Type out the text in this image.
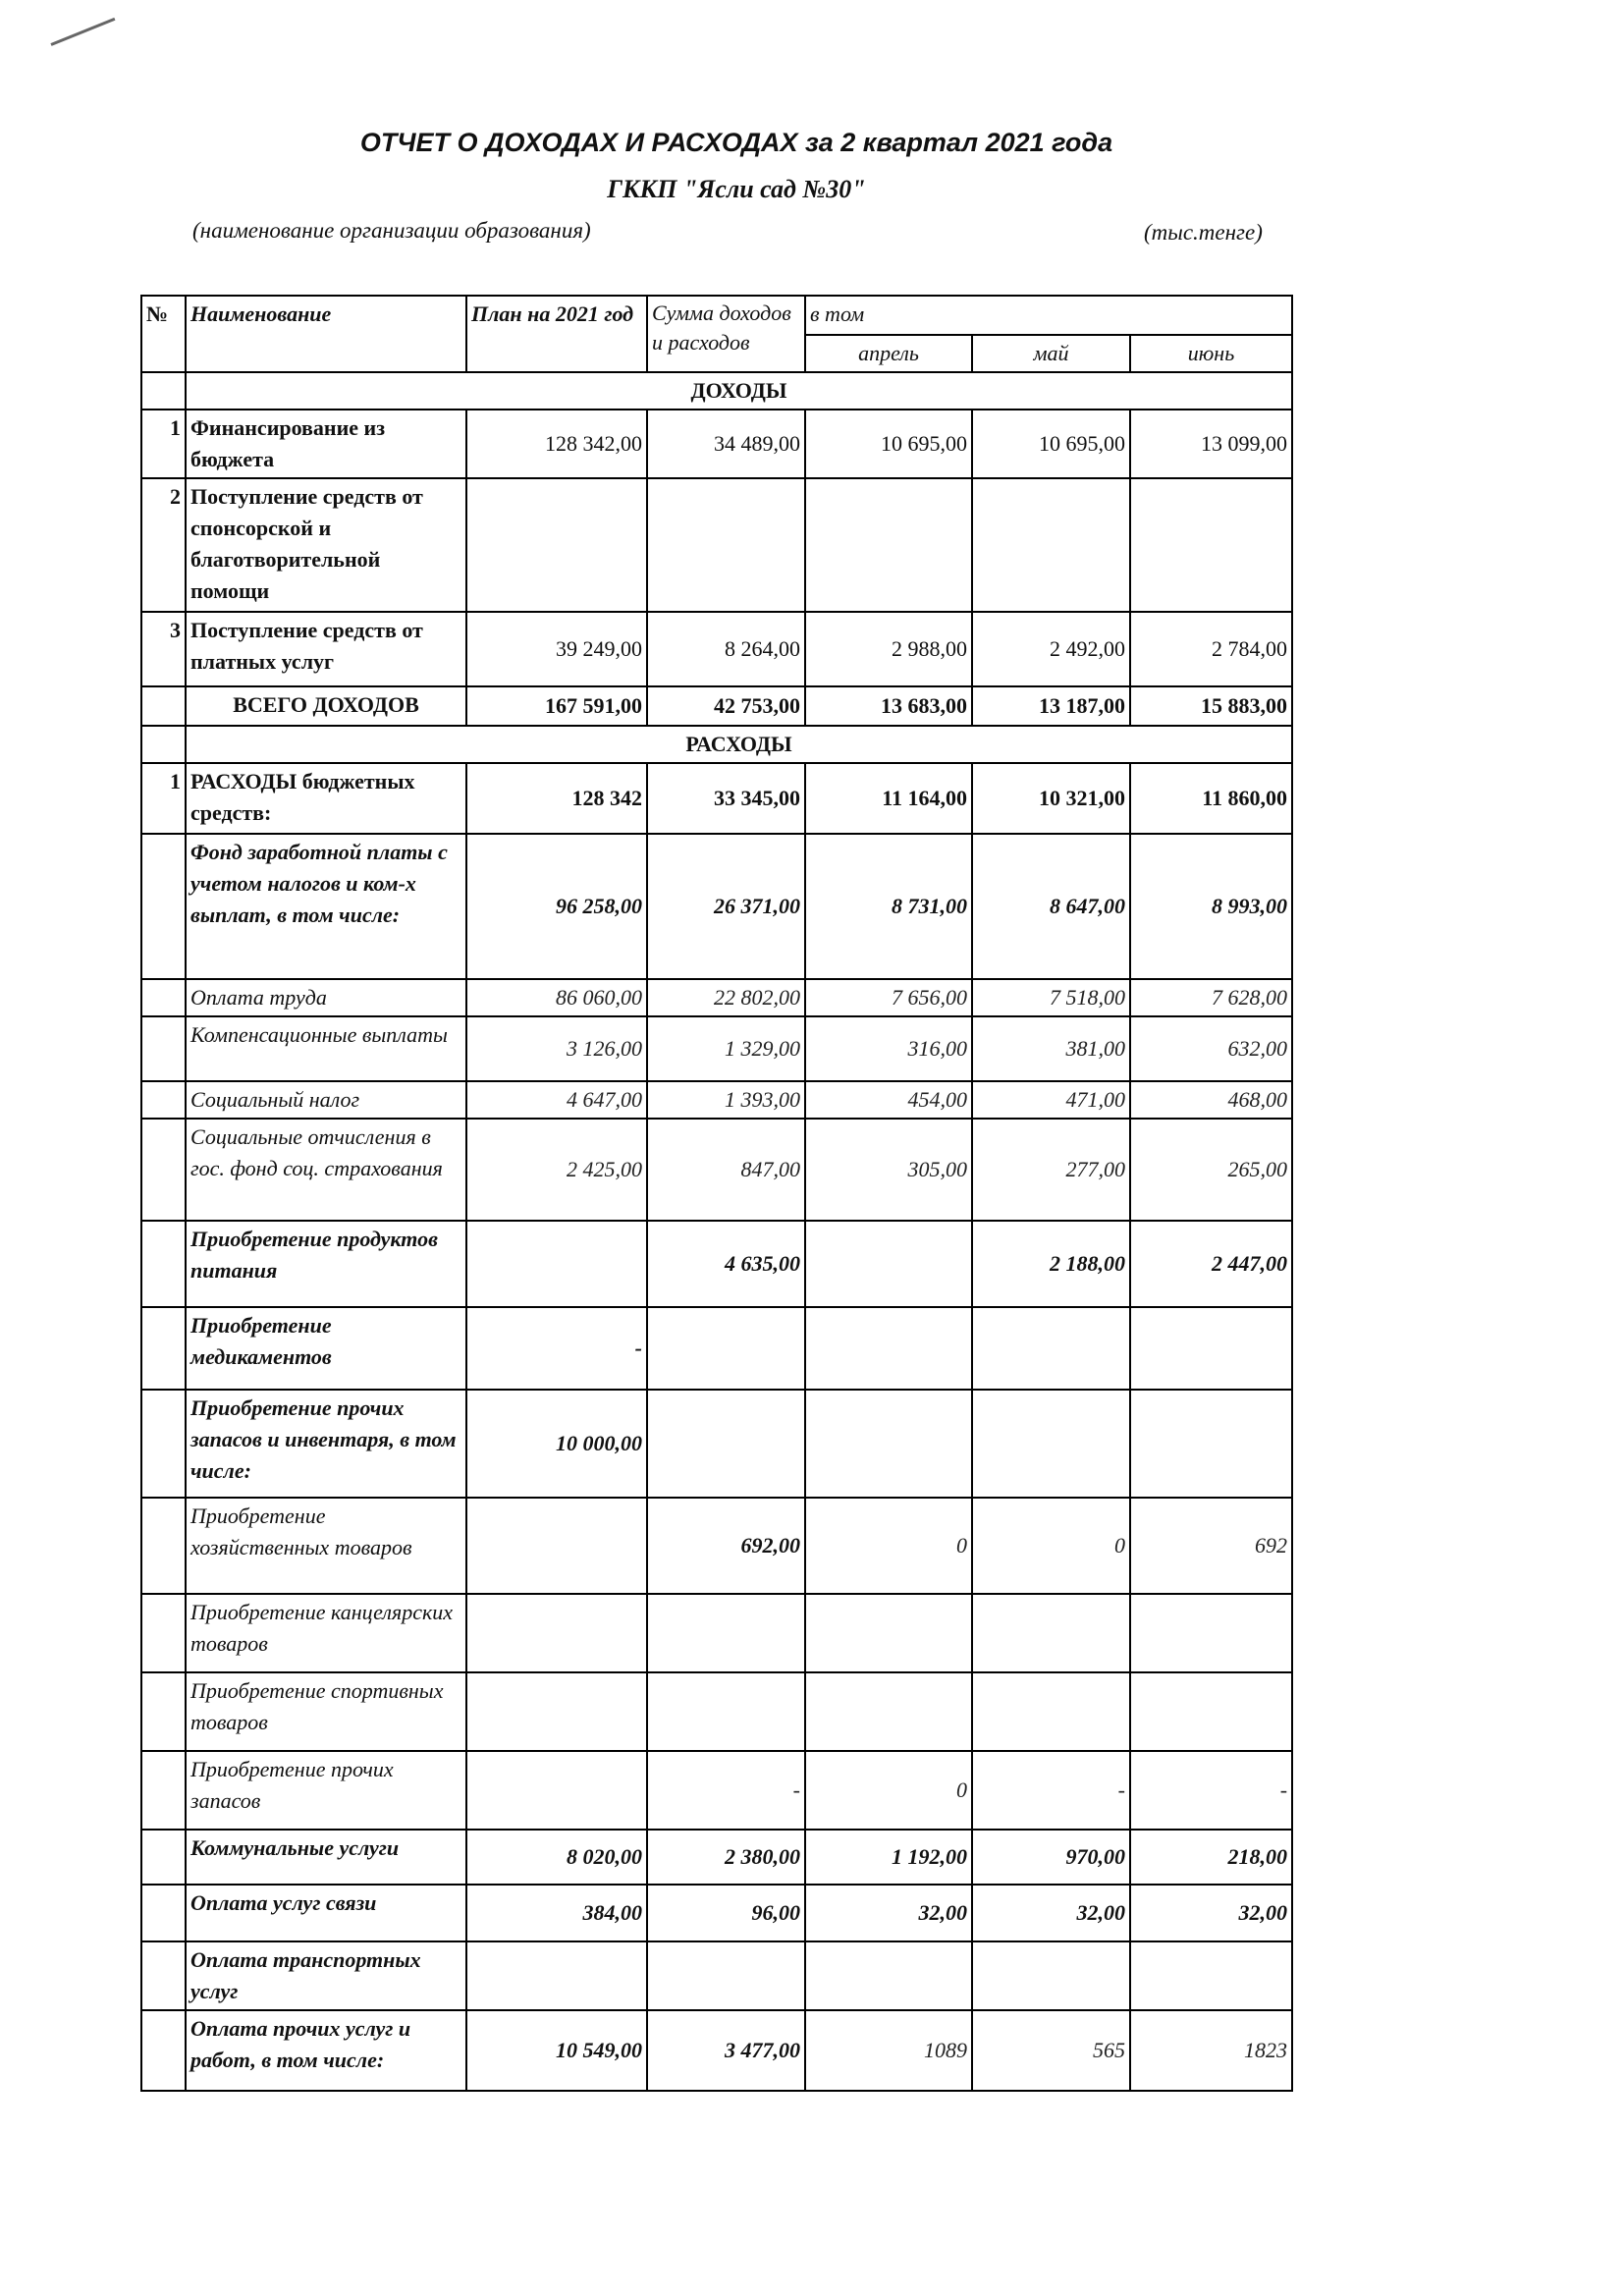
ОТЧЕТ О ДОХОДАХ И РАСХОДАХ за 2 квартал 2021 года
ГККП "Ясли сад №30"
(наименование организации образования)	(тыс.тенге)
№	Наименование	План на 2021 год	Сумма доходов и расходов	в том		
				апрель	май	июнь
	ДОХОДЫ					
1	Финансирование из бюджета	128 342,00	34 489,00	10 695,00	10 695,00	13 099,00
2	Поступление средств от спонсорской и благотворительной помощи					
3	Поступление средств от платных услуг	39 249,00	8 264,00	2 988,00	2 492,00	2 784,00
	ВСЕГО ДОХОДОВ	167 591,00	42 753,00	13 683,00	13 187,00	15 883,00
	РАСХОДЫ					
1	РАСХОДЫ бюджетных средств:	128 342	33 345,00	11 164,00	10 321,00	11 860,00
	Фонд заработной платы с учетом налогов и ком-х выплат, в том числе:	96 258,00	26 371,00	8 731,00	8 647,00	8 993,00
	Оплата труда	86 060,00	22 802,00	7 656,00	7 518,00	7 628,00
	Компенсационные выплаты	3 126,00	1 329,00	316,00	381,00	632,00
	Социальный налог	4 647,00	1 393,00	454,00	471,00	468,00
	Социальные отчисления в гос. фонд соц. страхования	2 425,00	847,00	305,00	277,00	265,00
	Приобретение продуктов питания		4 635,00		2 188,00	2 447,00
	Приобретение медикаментов	-				
	Приобретение прочих запасов и инвентаря, в том числе:	10 000,00				
	Приобретение хозяйственных товаров		692,00	0	0	692
	Приобретение канцелярских товаров					
	Приобретение спортивных товаров					
	Приобретение прочих запасов		-	0	-	-
	Коммунальные услуги	8 020,00	2 380,00	1 192,00	970,00	218,00
	Оплата услуг связи	384,00	96,00	32,00	32,00	32,00
	Оплата транспортных услуг					
	Оплата прочих услуг и работ, в том числе:	10 549,00	3 477,00	1089	565	1823
